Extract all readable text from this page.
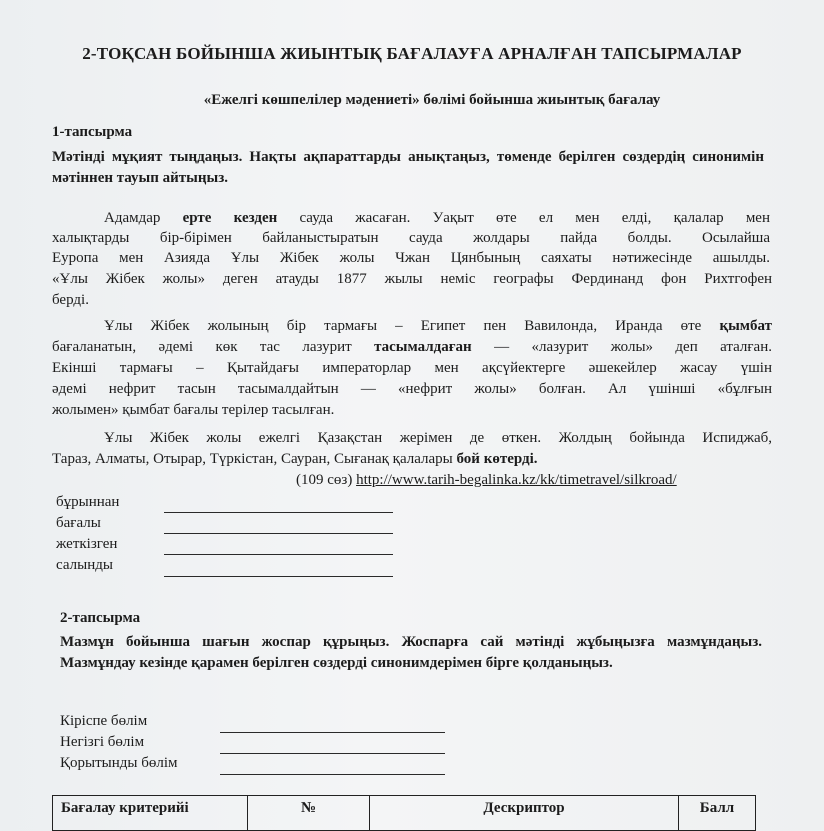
2-ТОҚСАН БОЙЫНША ЖИЫНТЫҚ БАҒАЛАУҒА АРНАЛҒАН ТАПСЫРМАЛАР
«Ежелгі көшпелілер мәдениеті» бөлімі бойынша жиынтық бағалау
1-тапсырма
Мәтінді мұқият тыңдаңыз. Нақты ақпараттарды анықтаңыз, төменде берілген сөздердің синонимін мәтіннен тауып айтыңыз.
Адамдар ерте кезден сауда жасаған. Уақыт өте ел мен елді, қалалар мен
халықтарды бір-бірімен байланыстыратын сауда жолдары пайда болды. Осылайша
Еуропа мен Азияда Ұлы Жібек жолы Чжан Цянбының саяхаты нәтижесінде ашылды.
«Ұлы Жібек жолы» деген атауды 1877 жылы неміс географы Фердинанд фон Рихтгофен
берді.
Ұлы Жібек жолының бір тармағы – Египет пен Вавилонда, Иранда өте қымбат
бағаланатын, әдемі көк тас лазурит тасымалдаған — «лазурит жолы» деп аталған.
Екінші тармағы – Қытайдағы императорлар мен ақсүйектерге әшекейлер жасау үшін
әдемі нефрит тасын тасымалдайтын — «нефрит жолы» болған. Ал үшінші «бұлғын
жолымен» қымбат бағалы терілер тасылған.
Ұлы Жібек жолы ежелгі Қазақстан жерімен де өткен. Жолдың бойында Испиджаб,
Тараз, Алматы, Отырар, Түркістан, Сауран, Сығанақ қалалары бой көтерді.
(109 сөз) http://www.tarih-begalinka.kz/kk/timetravel/silkroad/
бұрыннан
бағалы
жеткізген
салынды
2-тапсырма
Мазмұн бойынша шағын жоспар құрыңыз. Жоспарға сай мәтінді жұбыңызға мазмұндаңыз. Мазмұндау кезінде қарамен берілген сөздерді синонимдерімен бірге қолданыңыз.
Кіріспе бөлім
Негізгі бөлім
Қорытынды бөлім
Бағалау критерийі	№	Дескриптор	Балл
